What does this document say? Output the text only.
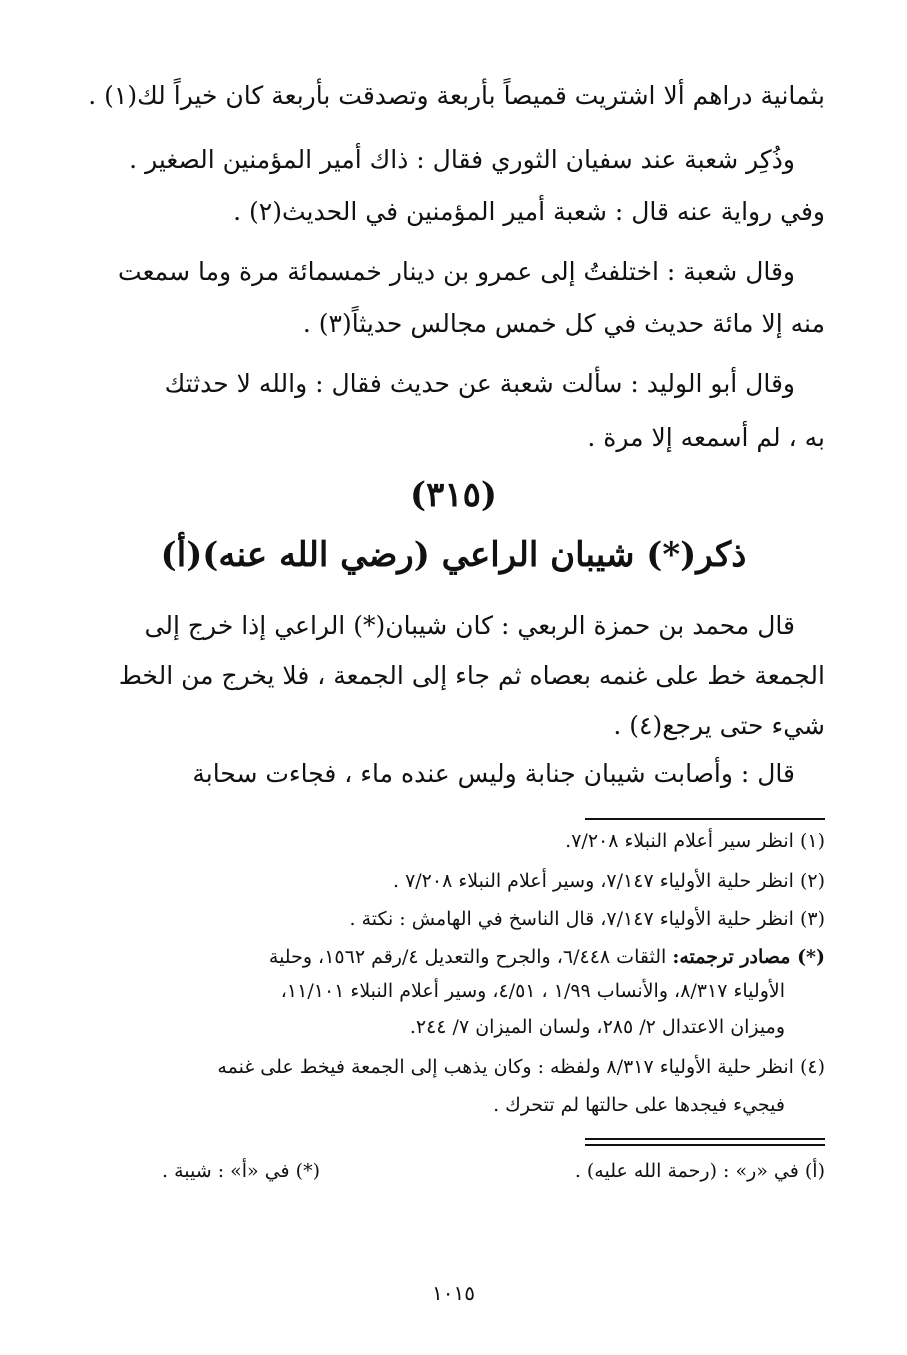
بثمانية دراهم ألا اشتريت قميصاً بأربعة وتصدقت بأربعة كان خيراً لك(١) .
وذُكِر شعبة عند سفيان الثوري فقال : ذاك أمير المؤمنين الصغير .
وفي رواية عنه قال : شعبة أمير المؤمنين في الحديث(٢) .
وقال شعبة : اختلفتُ إلى عمرو بن دينار خمسمائة مرة وما سمعت
منه إلا مائة حديث في كل خمس مجالس حديثاً(٣) .
وقال أبو الوليد : سألت شعبة عن حديث فقال : والله لا حدثتك
به ، لم أسمعه إلا مرة .
(٣١٥)
ذكر(*) شيبان الراعي (رضي الله عنه)(أ)
قال محمد بن حمزة الربعي : كان شيبان(*) الراعي إذا خرج إلى
الجمعة خط على غنمه بعصاه ثم جاء إلى الجمعة ، فلا يخرج من الخط
شيء حتى يرجع(٤) .
قال : وأصابت شيبان جنابة وليس عنده ماء ، فجاءت سحابة
(١) انظر سير أعلام النبلاء ٧/٢٠٨.
(٢) انظر حلية الأولياء ٧/١٤٧، وسير أعلام النبلاء ٧/٢٠٨ .
(٣) انظر حلية الأولياء ٧/١٤٧، قال الناسخ في الهامش : نكتة .
(*) مصادر ترجمته: الثقات ٦/٤٤٨، والجرح والتعديل ٤/رقم ١٥٦٢، وحلية
الأولياء ٨/٣١٧، والأنساب ١/٩٩ ، ٤/٥١، وسير أعلام النبلاء ١١/١٠١،
وميزان الاعتدال ٢/ ٢٨٥، ولسان الميزان ٧/ ٢٤٤.
(٤) انظر حلية الأولياء ٨/٣١٧ ولفظه : وكان يذهب إلى الجمعة فيخط على غنمه
فيجيء فيجدها على حالتها لم تتحرك .
(أ) في «ر» : (رحمة الله عليه) .
(*) في «أ» : شيبة .
١٠١٥
